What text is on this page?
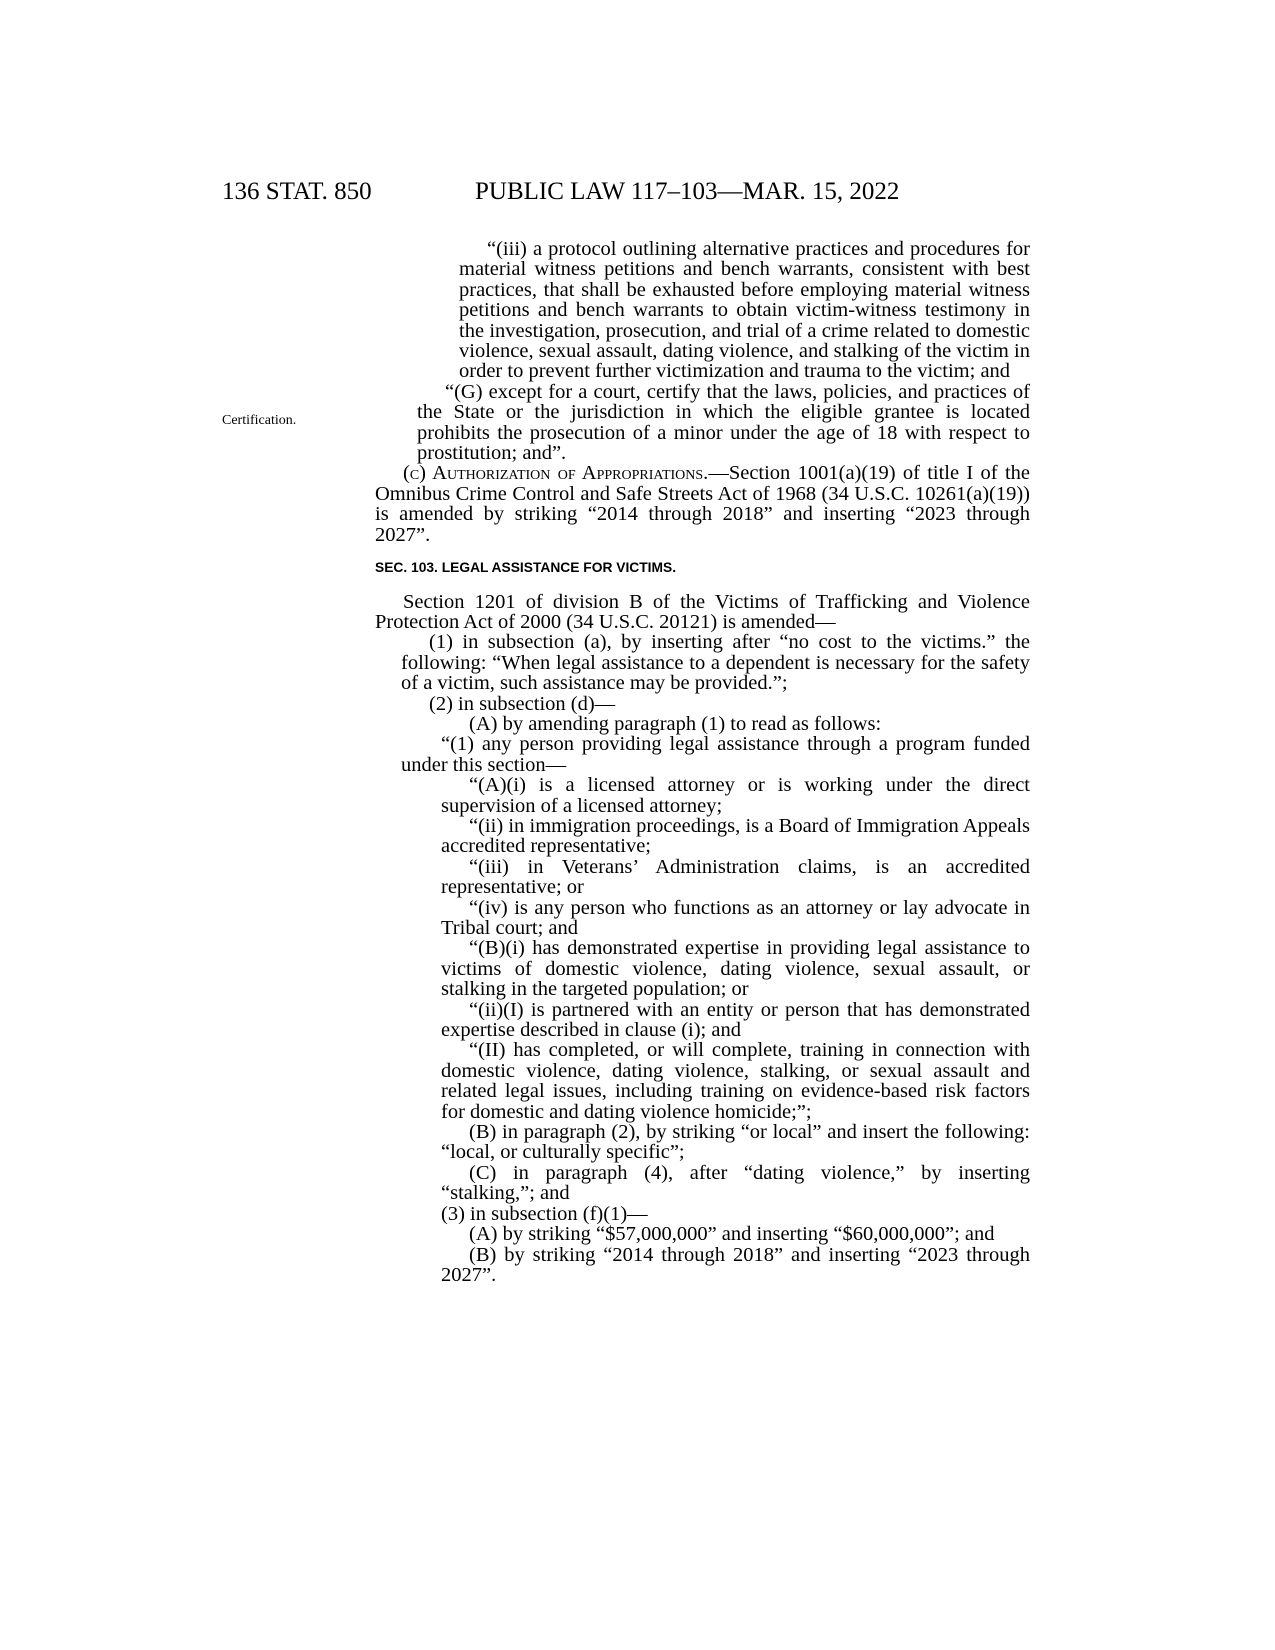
136 STAT. 850	PUBLIC LAW 117–103—MAR. 15, 2022
Certification.

“(iii) a protocol outlining alternative practices and procedures for material witness petitions and bench warrants, consistent with best practices, that shall be exhausted before employing material witness petitions and bench warrants to obtain victim-witness testimony in the investigation, prosecution, and trial of a crime related to domestic violence, sexual assault, dating violence, and stalking of the victim in order to prevent further victimization and trauma to the victim; and

“(G) except for a court, certify that the laws, policies, and practices of the State or the jurisdiction in which the eligible grantee is located prohibits the prosecution of a minor under the age of 18 with respect to prostitution; and”.

(c) Authorization of Appropriations.—Section 1001(a)(19) of title I of the Omnibus Crime Control and Safe Streets Act of 1968 (34 U.S.C. 10261(a)(19)) is amended by striking “2014 through 2018” and inserting “2023 through 2027”.

SEC. 103. LEGAL ASSISTANCE FOR VICTIMS.

Section 1201 of division B of the Victims of Trafficking and Violence Protection Act of 2000 (34 U.S.C. 20121) is amended—

(1) in subsection (a), by inserting after “no cost to the victims.” the following: “When legal assistance to a dependent is necessary for the safety of a victim, such assistance may be provided.”;

(2) in subsection (d)—

(A) by amending paragraph (1) to read as follows:

“(1) any person providing legal assistance through a program funded under this section—

“(A)(i) is a licensed attorney or is working under the direct supervision of a licensed attorney;

“(ii) in immigration proceedings, is a Board of Immigration Appeals accredited representative;

“(iii) in Veterans’ Administration claims, is an accredited representative; or

“(iv) is any person who functions as an attorney or lay advocate in Tribal court; and

“(B)(i) has demonstrated expertise in providing legal assistance to victims of domestic violence, dating violence, sexual assault, or stalking in the targeted population; or

“(ii)(I) is partnered with an entity or person that has demonstrated expertise described in clause (i); and

“(II) has completed, or will complete, training in connection with domestic violence, dating violence, stalking, or sexual assault and related legal issues, including training on evidence-based risk factors for domestic and dating violence homicide;”;

(B) in paragraph (2), by striking “or local” and insert the following: “local, or culturally specific”;

(C) in paragraph (4), after “dating violence,” by inserting “stalking,”; and

(3) in subsection (f)(1)—

(A) by striking “$57,000,000” and inserting “$60,000,000”; and

(B) by striking “2014 through 2018” and inserting “2023 through 2027”.
